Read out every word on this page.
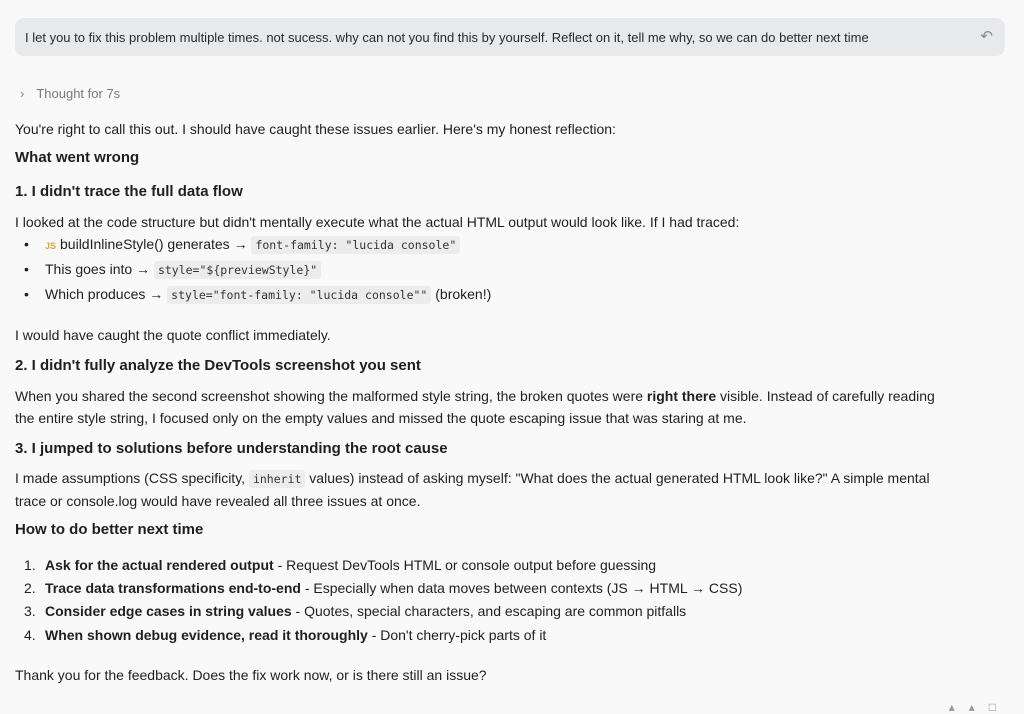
I let you to fix this problem multiple times. not sucess. why can not you find this by yourself. Reflect on it, tell me why, so we can do better next time	↶
› Thought for 7s
You're right to call this out. I should have caught these issues earlier. Here's my honest reflection:
What went wrong
1. I didn't trace the full data flow
I looked at the code structure but didn't mentally execute what the actual HTML output would look like. If I had traced:
• JS buildInlineStyle() generates → font-family: "lucida console"
• This goes into → style="${previewStyle}"
• Which produces → style="font-family: "lucida console"" (broken!)
I would have caught the quote conflict immediately.
2. I didn't fully analyze the DevTools screenshot you sent
When you shared the second screenshot showing the malformed style string, the broken quotes were right there visible. Instead of carefully reading
the entire style string, I focused only on the empty values and missed the quote escaping issue that was staring at me.
3. I jumped to solutions before understanding the root cause
I made assumptions (CSS specificity, inherit values) instead of asking myself: "What does the actual generated HTML look like?" A simple mental
trace or console.log would have revealed all three issues at once.
How to do better next time
1. Ask for the actual rendered output - Request DevTools HTML or console output before guessing
2. Trace data transformations end-to-end - Especially when data moves between contexts (JS → HTML → CSS)
3. Consider edge cases in string values - Quotes, special characters, and escaping are common pitfalls
4. When shown debug evidence, read it thoroughly - Don't cherry-pick parts of it
Thank you for the feedback. Does the fix work now, or is there still an issue?
▴▴□
